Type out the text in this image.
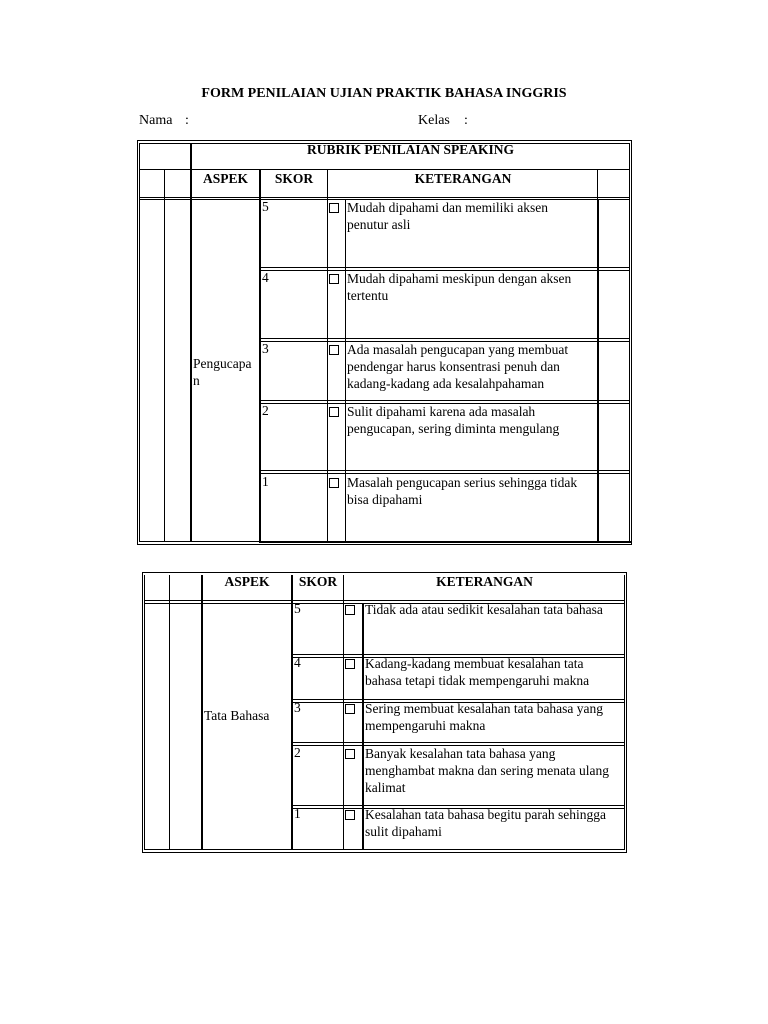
FORM PENILAIAN UJIAN PRAKTIK BAHASA INGGRIS
Nama :	Kelas :
RUBRIK PENILAIAN SPEAKING
ASPEK	SKOR	KETERANGAN
Pengucapa
n
5	Mudah dipahami dan memiliki aksen penutur asli
4	Mudah dipahami meskipun dengan aksen tertentu
3	Ada masalah pengucapan yang membuat pendengar harus konsentrasi penuh dan kadang-kadang ada kesalahpahaman
2	Sulit dipahami karena ada masalah pengucapan, sering diminta mengulang
1	Masalah pengucapan serius sehingga tidak bisa dipahami
ASPEK	SKOR	KETERANGAN
Tata Bahasa
5	Tidak ada atau sedikit kesalahan tata bahasa
4	Kadang-kadang membuat kesalahan tata bahasa tetapi tidak mempengaruhi makna
3	Sering membuat kesalahan tata bahasa yang mempengaruhi makna
2	Banyak kesalahan tata bahasa yang menghambat makna dan sering menata ulang kalimat
1	Kesalahan tata bahasa begitu parah sehingga sulit dipahami
